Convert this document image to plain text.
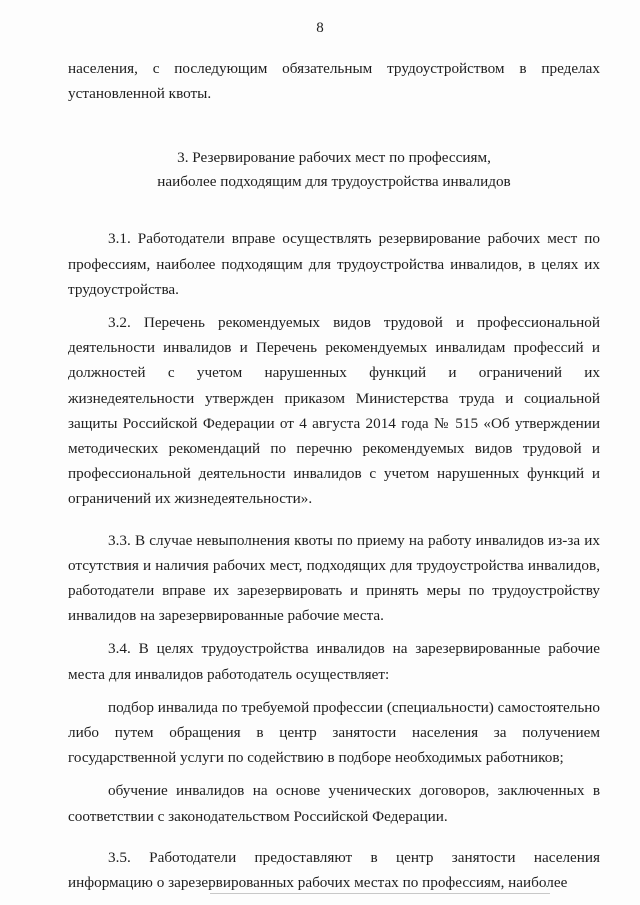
8

населения, с последующим обязательным трудоустройством в пределах установленной квоты.

3. Резервирование рабочих мест по профессиям,
наиболее подходящим для трудоустройства инвалидов

3.1. Работодатели вправе осуществлять резервирование рабочих мест по профессиям, наиболее подходящим для трудоустройства инвалидов, в целях их трудоустройства.

3.2. Перечень рекомендуемых видов трудовой и профессиональной деятельности инвалидов и Перечень рекомендуемых инвалидам профессий и должностей с учетом нарушенных функций и ограничений их жизнедеятельности утвержден приказом Министерства труда и социальной защиты Российской Федерации от 4 августа 2014 года № 515 «Об утверждении методических рекомендаций по перечню рекомендуемых видов трудовой и профессиональной деятельности инвалидов с учетом нарушенных функций и ограничений их жизнедеятельности».

3.3. В случае невыполнения квоты по приему на работу инвалидов из-за их отсутствия и наличия рабочих мест, подходящих для трудоустройства инвалидов, работодатели вправе их зарезервировать и принять меры по трудоустройству инвалидов на зарезервированные рабочие места.

3.4. В целях трудоустройства инвалидов на зарезервированные рабочие места для инвалидов работодатель осуществляет:

подбор инвалида по требуемой профессии (специальности) самостоятельно либо путем обращения в центр занятости населения за получением государственной услуги по содействию в подборе необходимых работников;

обучение инвалидов на основе ученических договоров, заключенных в соответствии с законодательством Российской Федерации.

3.5. Работодатели предоставляют в центр занятости населения информацию о зарезервированных рабочих местах по профессиям, наиболее
